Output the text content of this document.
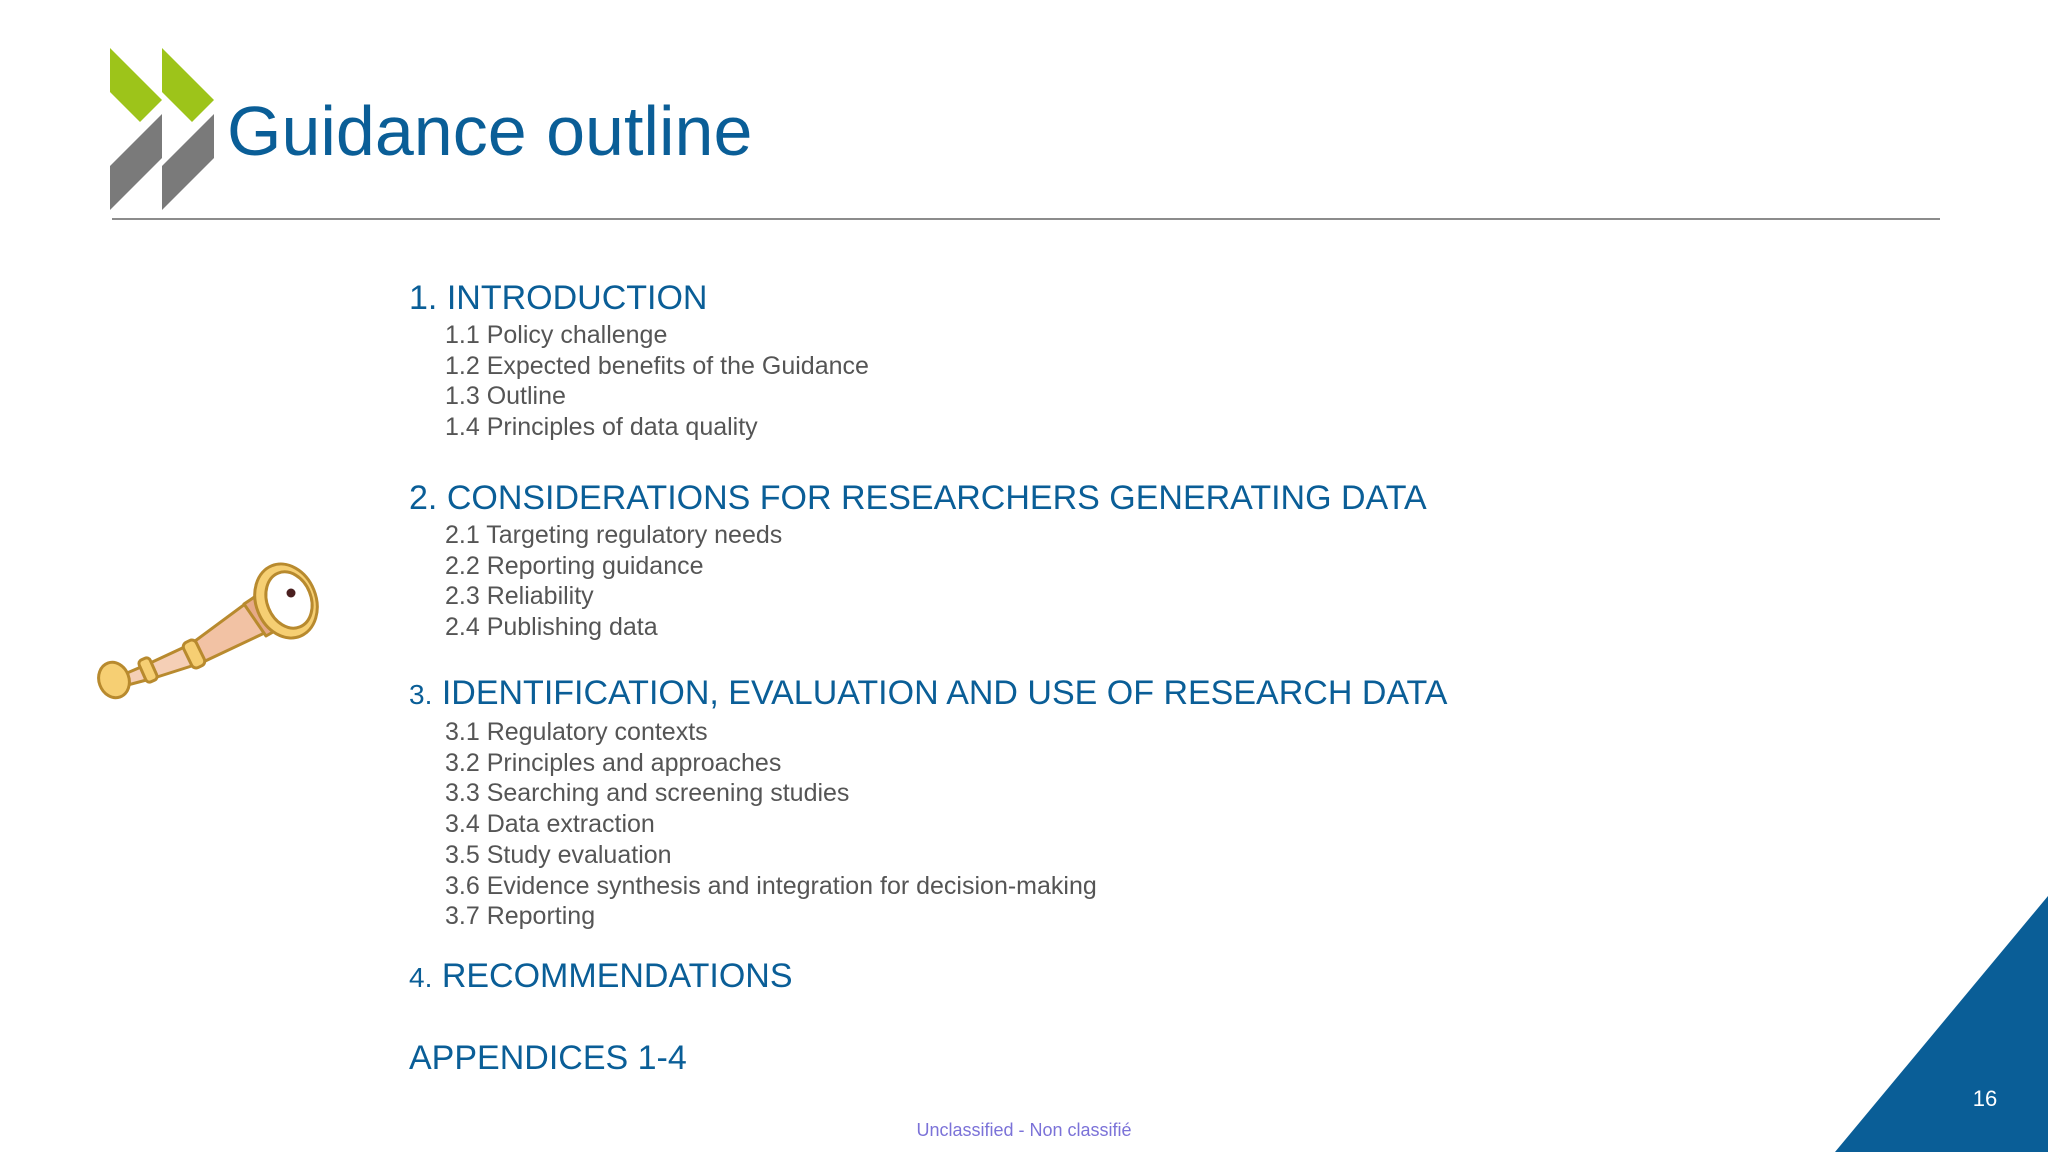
Guidance outline
1. INTRODUCTION
1.1 Policy challenge
1.2 Expected benefits of the Guidance
1.3 Outline
1.4 Principles of data quality
2. CONSIDERATIONS FOR RESEARCHERS GENERATING DATA
2.1 Targeting regulatory needs
2.2 Reporting guidance
2.3 Reliability
2.4 Publishing data
3. IDENTIFICATION, EVALUATION AND USE OF RESEARCH DATA
3.1 Regulatory contexts
3.2 Principles and approaches
3.3 Searching and screening studies
3.4 Data extraction
3.5 Study evaluation
3.6 Evidence synthesis and integration for decision-making
3.7 Reporting
4. RECOMMENDATIONS
APPENDICES 1-4
16
Unclassified - Non classifié
